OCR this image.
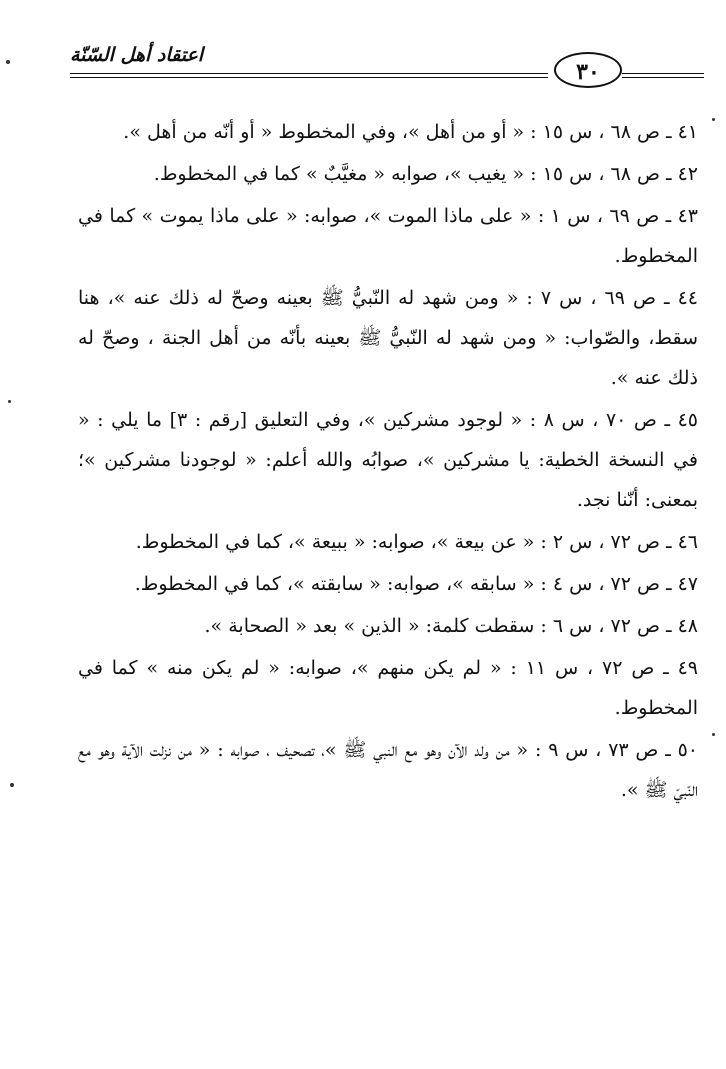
اعتقاد أهل السّنّة
٣٠

٤١ ـ ص ٦٨ ، س ١٥ : « أو من أهل »، وفي المخطوط « أو أنّه من أهل ».

٤٢ ـ ص ٦٨ ، س ١٥ : « يغيب »، صوابه « مغيَّبٌ » كما في المخطوط.

٤٣ ـ ص ٦٩ ، س ١ : « على ماذا الموت »، صوابه: « على ماذا يموت » كما في المخطوط.

٤٤ ـ ص ٦٩ ، س ٧ : « ومن شهد له النّبيُّ ﷺ بعينه وصحّ له ذلك عنه »، هنا سقط، والصّواب: « ومن شهد له النّبيُّ ﷺ بعينه بأنّه من أهل الجنة ، وصحّ له ذلك عنه ».

٤٥ ـ ص ٧٠ ، س ٨ : « لوجود مشركين »، وفي التعليق [رقم : ٣] ما يلي : « في النسخة الخطية: يا مشركين »، صوابُه والله أعلم: « لوجودنا مشركين »؛ بمعنى: أنّنا نجد.

٤٦ ـ ص ٧٢ ، س ٢ : « عن بيعة »، صوابه: « ببيعة »، كما في المخطوط.

٤٧ ـ ص ٧٢ ، س ٤ : « سابقه »، صوابه: « سابقته »، كما في المخطوط.

٤٨ ـ ص ٧٢ ، س ٦ : سقطت كلمة: « الذين » بعد « الصحابة ».

٤٩ ـ ص ٧٢ ، س ١١ : « لم يكن منهم »، صوابه: « لم يكن منه » كما في المخطوط.

٥٠ ـ ص ٧٣ ، س ٩ : « من ولد الآن وهو مع النبي ﷺ »، تصحيف ، صوابه : « من نزلت الآية وهو مع النّبيّ ﷺ ».
